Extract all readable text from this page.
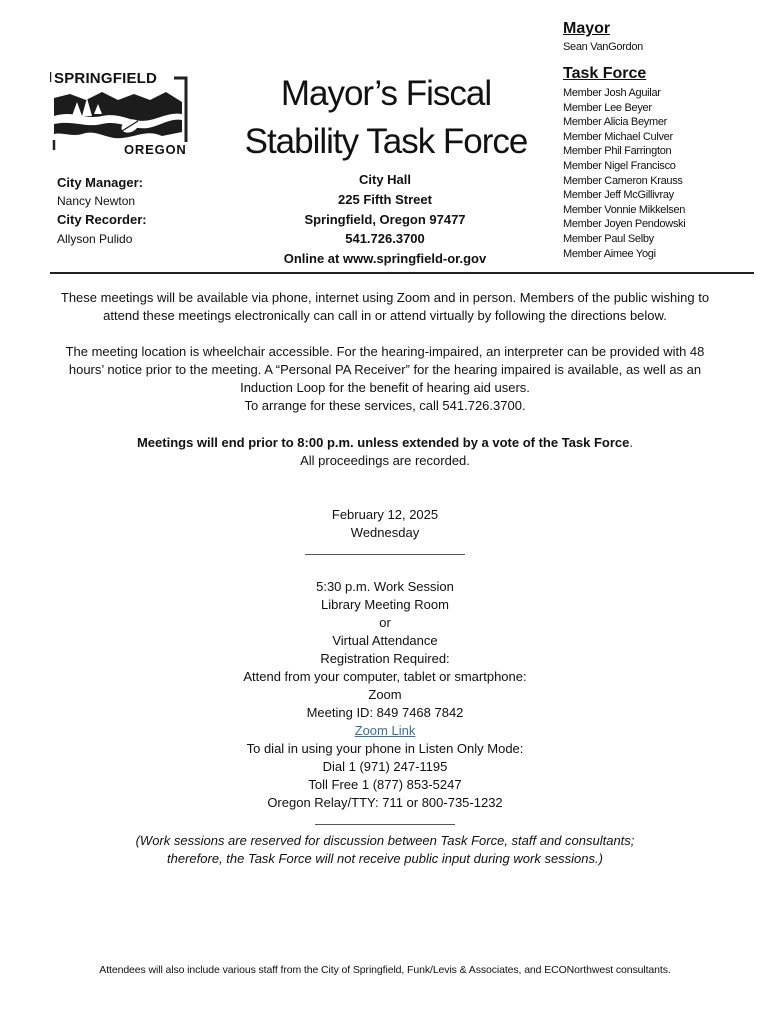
Mayor
Sean VanGordon
Task Force
Member Josh Aguilar
Member Lee Beyer
Member Alicia Beymer
Member Michael Culver
Member Phil Farrington
Member Nigel Francisco
Member Cameron Krauss
Member Jeff McGillivray
Member Vonnie Mikkelsen
Member Joyen Pendowski
Member Paul Selby
Member Aimee Yogi
SPRINGFIELD
OREGON
Mayor’s Fiscal
Stability Task Force
City Manager:
Nancy Newton
City Recorder:
Allyson Pulido
City Hall
225 Fifth Street
Springfield, Oregon 97477
541.726.3700
Online at www.springfield-or.gov
These meetings will be available via phone, internet using Zoom and in person. Members of the public wishing to attend these meetings electronically can call in or attend virtually by following the directions below.
The meeting location is wheelchair accessible. For the hearing-impaired, an interpreter can be provided with 48 hours’ notice prior to the meeting. A “Personal PA Receiver” for the hearing impaired is available, as well as an Induction Loop for the benefit of hearing aid users.
To arrange for these services, call 541.726.3700.
Meetings will end prior to 8:00 p.m. unless extended by a vote of the Task Force.
All proceedings are recorded.
February 12, 2025
Wednesday
5:30 p.m. Work Session
Library Meeting Room
or
Virtual Attendance
Registration Required:
Attend from your computer, tablet or smartphone:
Zoom
Meeting ID: 849 7468 7842
Zoom Link
To dial in using your phone in Listen Only Mode:
Dial 1 (971) 247-1195
Toll Free 1 (877) 853-5247
Oregon Relay/TTY: 711 or 800-735-1232
(Work sessions are reserved for discussion between Task Force, staff and consultants;
therefore, the Task Force will not receive public input during work sessions.)
Attendees will also include various staff from the City of Springfield, Funk/Levis & Associates, and ECONorthwest consultants.
